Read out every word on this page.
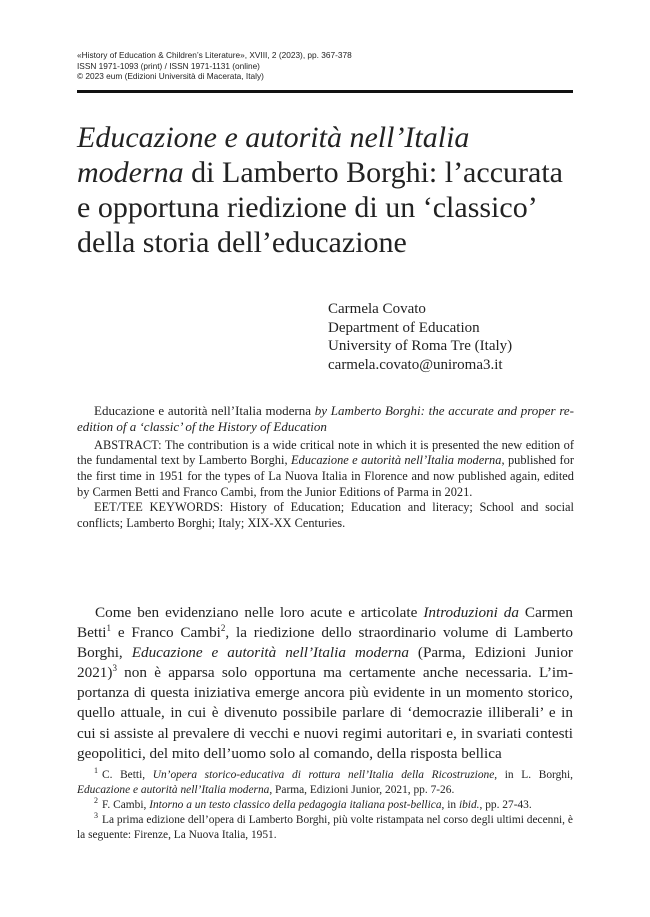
«History of Education & Children’s Literature», XVIII, 2 (2023), pp. 367-378
ISSN 1971-1093 (print) / ISSN 1971-1131 (online)
© 2023 eum (Edizioni Università di Macerata, Italy)
Educazione e autorità nell’Italia moderna di Lamberto Borghi: l’accurata e opportuna riedizione di un ‘classico’ della storia dell’educazione
Carmela Covato
Department of Education
University of Roma Tre (Italy)
carmela.covato@uniroma3.it

Educazione e autorità nell’Italia moderna by Lamberto Borghi: the accurate and proper re-edition of a ‘classic’ of the History of Education

ABSTRACT: The contribution is a wide critical note in which it is presented the new edition of the fundamental text by Lamberto Borghi, Educazione e autorità nell’Italia moderna, published for the first time in 1951 for the types of La Nuova Italia in Florence and now published again, edited by Carmen Betti and Franco Cambi, from the Junior Editions of Parma in 2021.

EET/TEE KEYWORDS: History of Education; Education and literacy; School and social conflicts; Lamberto Borghi; Italy; XIX-XX Centuries.

Come ben evidenziano nelle loro acute e articolate Introduzioni da Carmen Betti$^1$ e Franco Cambi$^2$, la riedizione dello straordinario volume di Lamberto Borghi, Educazione e autorità nell’Italia moderna (Parma, Edizioni Junior 2021)$^3$ non è apparsa solo opportuna ma certamente anche necessaria. L’importanza di questa iniziativa emerge ancora più evidente in un momento storico, quello attuale, in cui è divenuto possibile parlare di ‘democrazie illiberali’ e in cui si assiste al prevalere di vecchi e nuovi regimi autoritari e, in svariati contesti geopolitici, del mito dell’uomo solo al comando, della risposta bellica

$^1$ C. Betti, Un’opera storico-educativa di rottura nell’Italia della Ricostruzione, in L. Borghi, Educazione e autorità nell’Italia moderna, Parma, Edizioni Junior, 2021, pp. 7-26.

$^2$ F. Cambi, Intorno a un testo classico della pedagogia italiana post-bellica, in ibid., pp. 27-43.

$^3$ La prima edizione dell’opera di Lamberto Borghi, più volte ristampata nel corso degli ultimi decenni, è la seguente: Firenze, La Nuova Italia, 1951.
